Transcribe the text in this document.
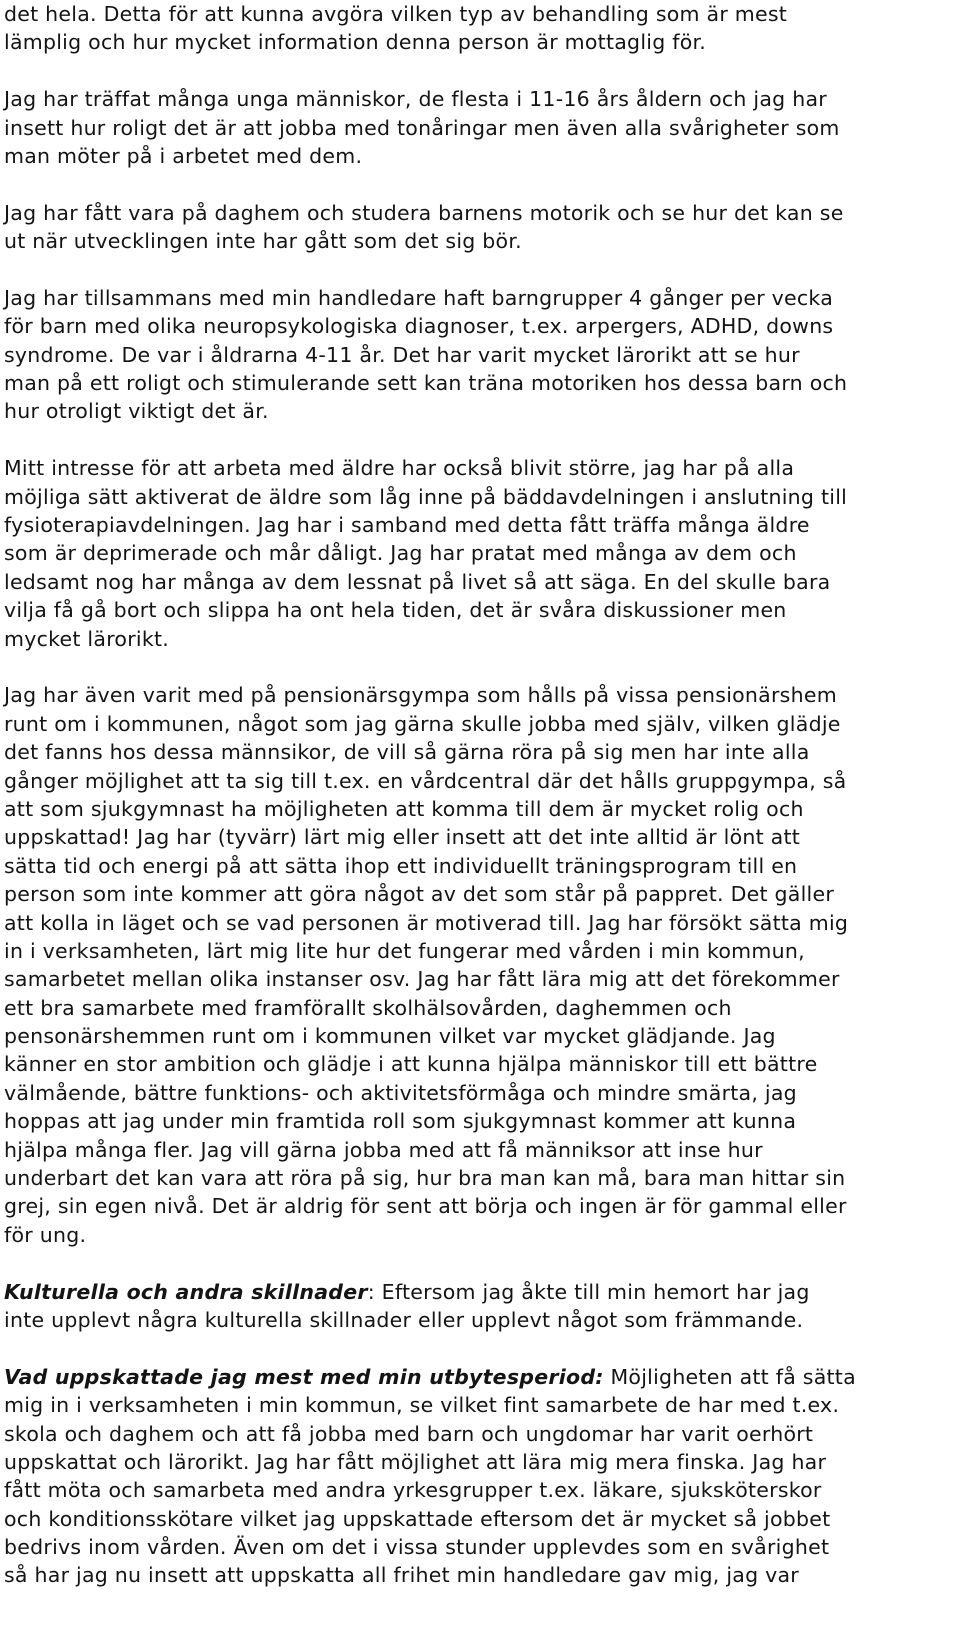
det hela. Detta för att kunna avgöra vilken typ av behandling som är mest
lämplig och hur mycket information denna person är mottaglig för.
Jag har träffat många unga människor, de flesta i 11-16 års åldern och jag har
insett hur roligt det är att jobba med tonåringar men även alla svårigheter som
man möter på i arbetet med dem.
Jag har fått vara på daghem och studera barnens motorik och se hur det kan se
ut när utvecklingen inte har gått som det sig bör.
Jag har tillsammans med min handledare haft barngrupper 4 gånger per vecka
för barn med olika neuropsykologiska diagnoser, t.ex. arpergers, ADHD, downs
syndrome. De var i åldrarna 4-11 år. Det har varit mycket lärorikt att se hur
man på ett roligt och stimulerande sett kan träna motoriken hos dessa barn och
hur otroligt viktigt det är.
Mitt intresse för att arbeta med äldre har också blivit större, jag har på alla
möjliga sätt aktiverat de äldre som låg inne på bäddavdelningen i anslutning till
fysioterapiavdelningen. Jag har i samband med detta fått träffa många äldre
som är deprimerade och mår dåligt. Jag har pratat med många av dem och
ledsamt nog har många av dem lessnat på livet så att säga. En del skulle bara
vilja få gå bort och slippa ha ont hela tiden, det är svåra diskussioner men
mycket lärorikt.
Jag har även varit med på pensionärsgympa som hålls på vissa pensionärshem
runt om i kommunen, något som jag gärna skulle jobba med själv, vilken glädje
det fanns hos dessa männsikor, de vill så gärna röra på sig men har inte alla
gånger möjlighet att ta sig till t.ex. en vårdcentral där det hålls gruppgympa, så
att som sjukgymnast ha möjligheten att komma till dem är mycket rolig och
uppskattad! Jag har (tyvärr) lärt mig eller insett att det inte alltid är lönt att
sätta tid och energi på att sätta ihop ett individuellt träningsprogram till en
person som inte kommer att göra något av det som står på pappret. Det gäller
att kolla in läget och se vad personen är motiverad till. Jag har försökt sätta mig
in i verksamheten, lärt mig lite hur det fungerar med vården i min kommun,
samarbetet mellan olika instanser osv. Jag har fått lära mig att det förekommer
ett bra samarbete med framförallt skolhälsovården, daghemmen och
pensonärshemmen runt om i kommunen vilket var mycket glädjande. Jag
känner en stor ambition och glädje i att kunna hjälpa människor till ett bättre
välmående, bättre funktions- och aktivitetsförmåga och mindre smärta, jag
hoppas att jag under min framtida roll som sjukgymnast kommer att kunna
hjälpa många fler. Jag vill gärna jobba med att få männiksor att inse hur
underbart det kan vara att röra på sig, hur bra man kan må, bara man hittar sin
grej, sin egen nivå. Det är aldrig för sent att börja och ingen är för gammal eller
för ung.
Kulturella och andra skillnader: Eftersom jag åkte till min hemort har jag
inte upplevt några kulturella skillnader eller upplevt något som främmande.
Vad uppskattade jag mest med min utbytesperiod: Möjligheten att få sätta
mig in i verksamheten i min kommun, se vilket fint samarbete de har med t.ex.
skola och daghem och att få jobba med barn och ungdomar har varit oerhört
uppskattat och lärorikt. Jag har fått möjlighet att lära mig mera finska. Jag har
fått möta och samarbeta med andra yrkesgrupper t.ex. läkare, sjuksköterskor
och konditionsskötare vilket jag uppskattade eftersom det är mycket så jobbet
bedrivs inom vården. Även om det i vissa stunder upplevdes som en svårighet
så har jag nu insett att uppskatta all frihet min handledare gav mig, jag var
